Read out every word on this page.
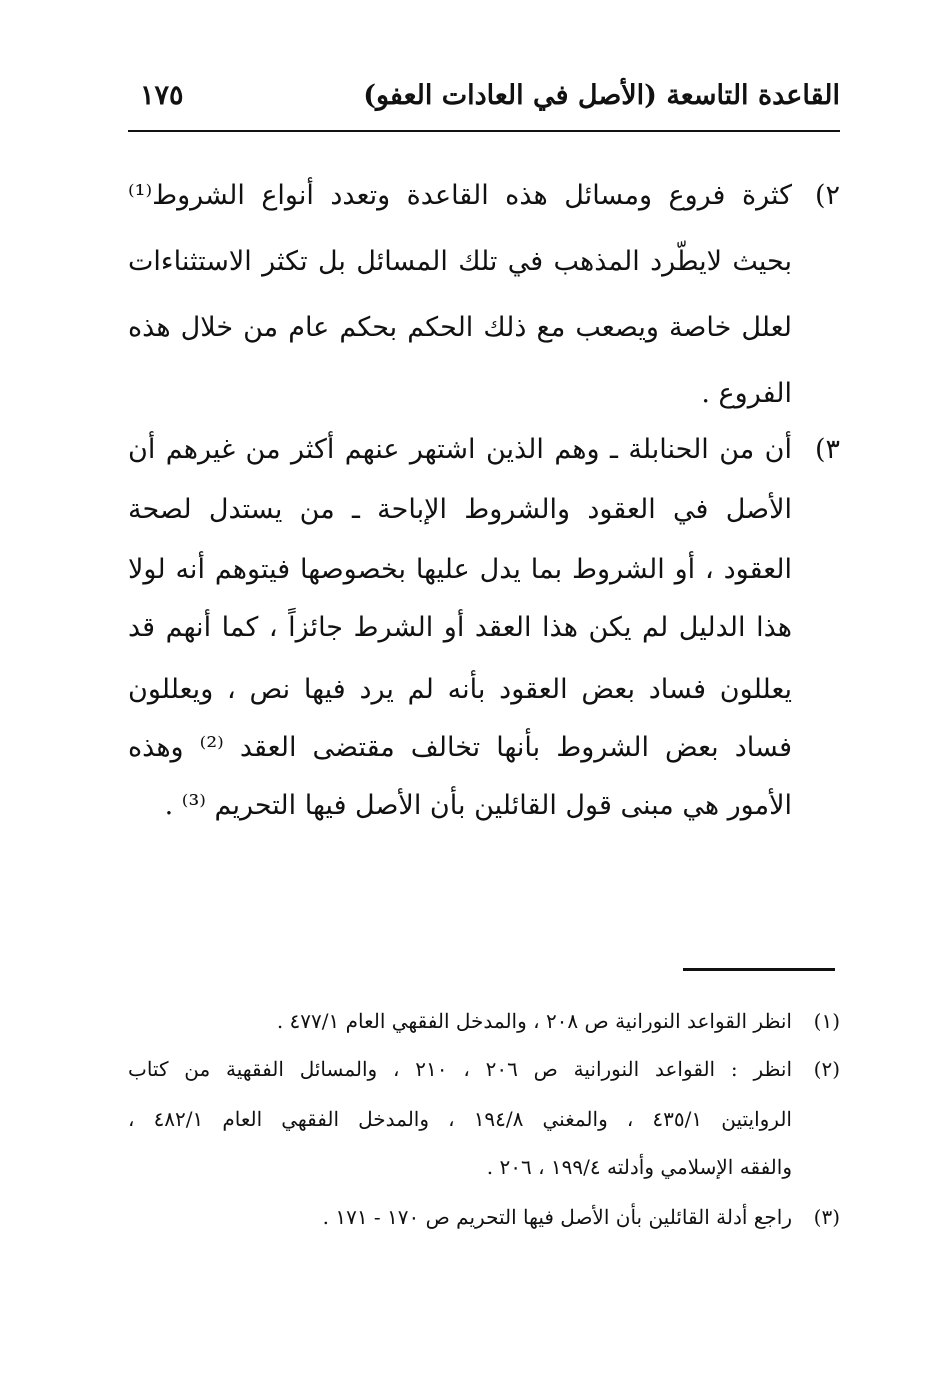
القاعدة التاسعة (الأصل في العادات العفو)
١٧٥
٢)
كثرة فروع ومسائل هذه القاعدة وتعدد أنواع الشروط⁽¹⁾
بحيث لايطّرد المذهب في تلك المسائل بل تكثر الاستثناءات
لعلل خاصة ويصعب مع ذلك الحكم بحكم عام من خلال هذه
الفروع .
٣)
أن من الحنابلة ـ وهم الذين اشتهر عنهم أكثر من غيرهم أن
الأصل في العقود والشروط الإباحة ـ من يستدل لصحة
العقود ، أو الشروط بما يدل عليها بخصوصها فيتوهم أنه لولا
هذا الدليل لم يكن هذا العقد أو الشرط جائزاً ، كما أنهم قد
يعللون فساد بعض العقود بأنه لم يرد فيها نص ، ويعللون
فساد بعض الشروط بأنها تخالف مقتضى العقد ⁽²⁾ وهذه
الأمور هي مبنى قول القائلين بأن الأصل فيها التحريم ⁽³⁾ .
(١)
انظر القواعد النورانية ص ٢٠٨ ، والمدخل الفقهي العام ٤٧٧/١ .
(٢)
انظر : القواعد النورانية ص ٢٠٦ ، ٢١٠ ، والمسائل الفقهية من كتاب
الروايتين ٤٣٥/١ ، والمغني ١٩٤/٨ ، والمدخل الفقهي العام ٤٨٢/١ ،
والفقه الإسلامي وأدلته ١٩٩/٤ ، ٢٠٦ .
(٣)
راجع أدلة القائلين بأن الأصل فيها التحريم ص ١٧٠ - ١٧١ .
